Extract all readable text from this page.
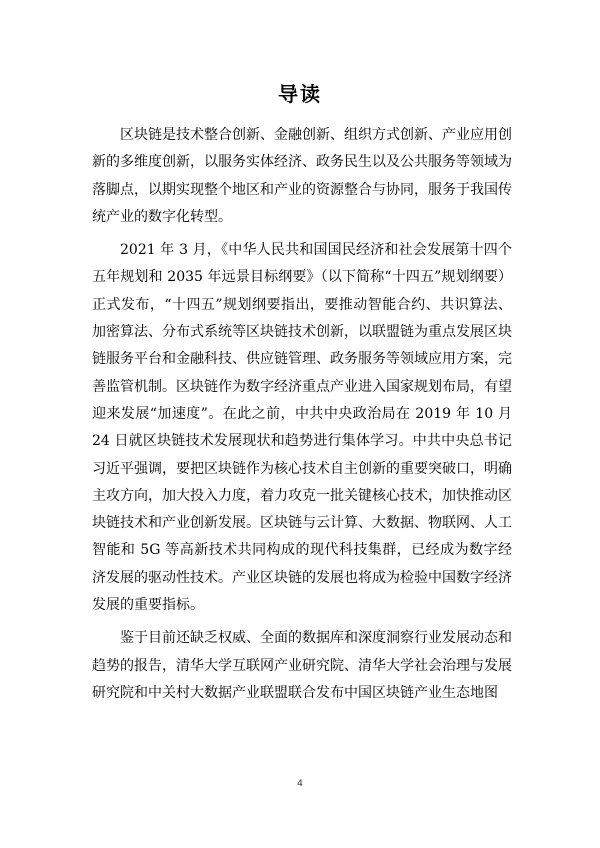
导读

区块链是技术整合创新、金融创新、组织方式创新、产业应用创新的多维度创新，以服务实体经济、政务民生以及公共服务等领域为落脚点，以期实现整个地区和产业的资源整合与协同，服务于我国传统产业的数字化转型。

2021 年 3 月，《中华人民共和国国民经济和社会发展第十四个五年规划和 2035 年远景目标纲要》（以下简称“十四五”规划纲要）正式发布，“十四五”规划纲要指出，要推动智能合约、共识算法、加密算法、分布式系统等区块链技术创新，以联盟链为重点发展区块链服务平台和金融科技、供应链管理、政务服务等领域应用方案，完善监管机制。区块链作为数字经济重点产业进入国家规划布局，有望迎来发展“加速度”。在此之前，中共中央政治局在 2019 年 10 月 24 日就区块链技术发展现状和趋势进行集体学习。中共中央总书记习近平强调，要把区块链作为核心技术自主创新的重要突破口，明确主攻方向，加大投入力度，着力攻克一批关键核心技术，加快推动区块链技术和产业创新发展。区块链与云计算、大数据、物联网、人工智能和 5G 等高新技术共同构成的现代科技集群，已经成为数字经济发展的驱动性技术。产业区块链的发展也将成为检验中国数字经济发展的重要指标。

鉴于目前还缺乏权威、全面的数据库和深度洞察行业发展动态和趋势的报告，清华大学互联网产业研究院、清华大学社会治理与发展研究院和中关村大数据产业联盟联合发布中国区块链产业生态地图

4
